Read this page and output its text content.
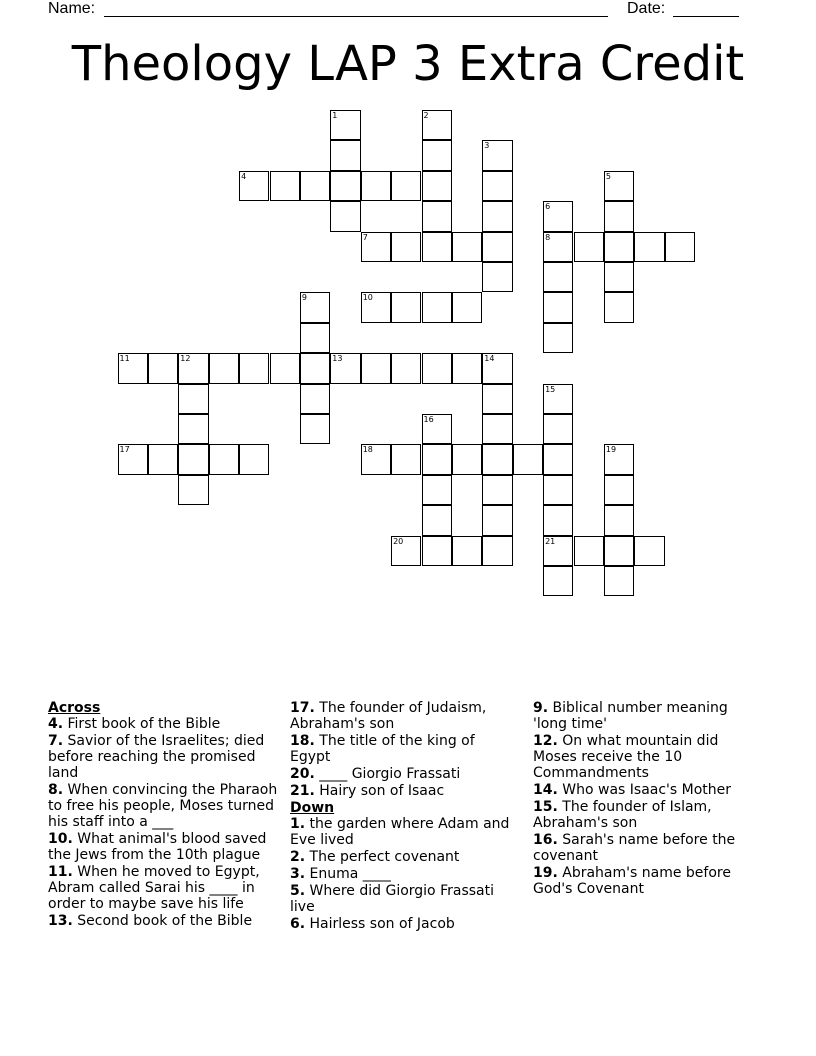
Name:	Date:
Theology LAP 3 Extra Credit
1	2
3
4	5
6
7	8
9	10
11	12	13	14
15
16
17	18	19
20	21
Across
4. First book of the Bible
7. Savior of the Israelites; died before reaching the promised land
8. When convincing the Pharaoh to free his people, Moses turned his staff into a ___
10. What animal's blood saved the Jews from the 10th plague
11. When he moved to Egypt, Abram called Sarai his ____ in order to maybe save his life
13. Second book of the Bible
17. The founder of Judaism, Abraham's son
18. The title of the king of Egypt
20. ____ Giorgio Frassati
21. Hairy son of Isaac
Down
1. the garden where Adam and Eve lived
2. The perfect covenant
3. Enuma ____
5. Where did Giorgio Frassati live
6. Hairless son of Jacob
9. Biblical number meaning 'long time'
12. On what mountain did Moses receive the 10 Commandments
14. Who was Isaac's Mother
15. The founder of Islam, Abraham's son
16. Sarah's name before the covenant
19. Abraham's name before God's Covenant
